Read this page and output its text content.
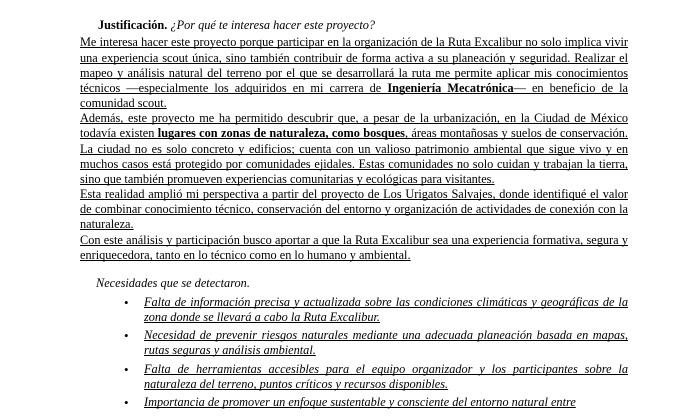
Justificación. ¿Por qué te interesa hacer este proyecto?

Me interesa hacer este proyecto porque participar en la organización de la Ruta Excalibur no solo implica vivir una experiencia scout única, sino también contribuir de forma activa a su planeación y seguridad. Realizar el mapeo y análisis natural del terreno por el que se desarrollará la ruta me permite aplicar mis conocimientos técnicos —especialmente los adquiridos en mi carrera de Ingeniería Mecatrónica— en beneficio de la comunidad scout.

Además, este proyecto me ha permitido descubrir que, a pesar de la urbanización, en la Ciudad de México todavía existen lugares con zonas de naturaleza, como bosques, áreas montañosas y suelos de conservación. La ciudad no es solo concreto y edificios; cuenta con un valioso patrimonio ambiental que sigue vivo y en muchos casos está protegido por comunidades ejidales. Estas comunidades no solo cuidan y trabajan la tierra, sino que también promueven experiencias comunitarias y ecológicas para visitantes.

Esta realidad amplió mi perspectiva a partir del proyecto de Los Urigatos Salvajes, donde identifiqué el valor de combinar conocimiento técnico, conservación del entorno y organización de actividades de conexión con la naturaleza.

Con este análisis y participación busco aportar a que la Ruta Excalibur sea una experiencia formativa, segura y enriquecedora, tanto en lo técnico como en lo humano y ambiental.

Necesidades que se detectaron.
• Falta de información precisa y actualizada sobre las condiciones climáticas y geográficas de la zona donde se llevará a cabo la Ruta Excalibur.
• Necesidad de prevenir riesgos naturales mediante una adecuada planeación basada en mapas, rutas seguras y análisis ambiental.
• Falta de herramientas accesibles para el equipo organizador y los participantes sobre la naturaleza del terreno, puntos críticos y recursos disponibles.
• Importancia de promover un enfoque sustentable y consciente del entorno natural entre
